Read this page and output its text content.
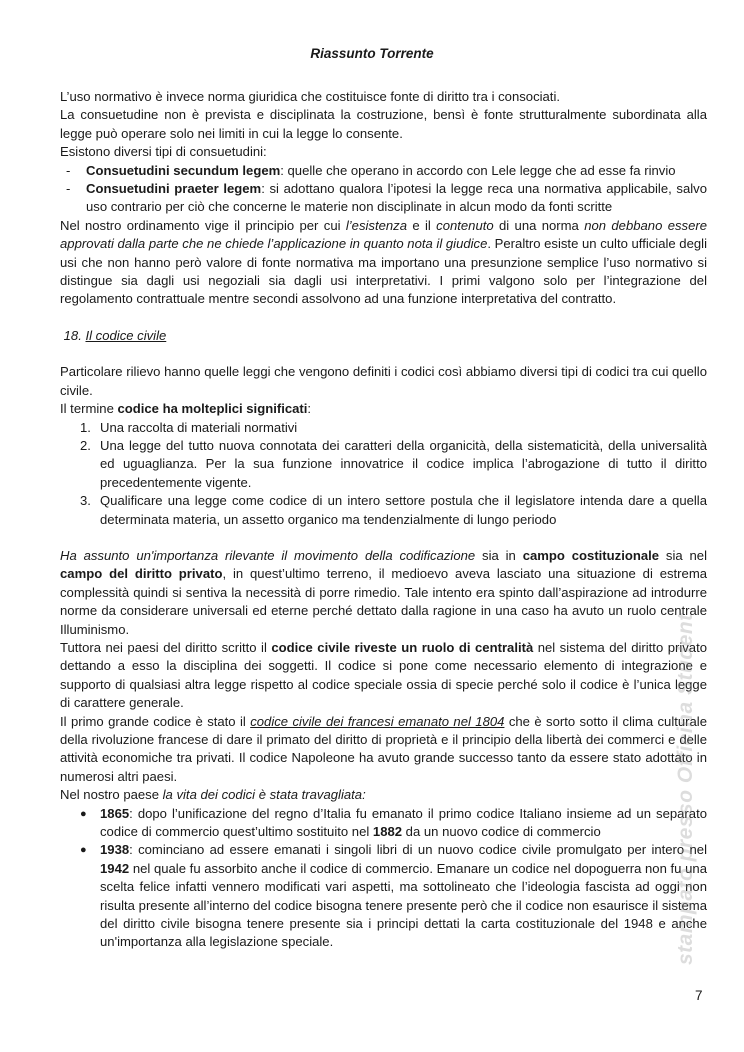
Riassunto Torrente

L’uso normativo è invece norma giuridica che costituisce fonte di diritto tra i consociati.

La consuetudine non è prevista e disciplinata la costruzione, bensì è fonte strutturalmente subordinata alla legge può operare solo nei limiti in cui la legge lo consente.

Esistono diversi tipi di consuetudini:

-
Consuetudini secundum legem: quelle che operano in accordo con Lele legge che ad esse fa rinvio
-
Consuetudini praeter legem: si adottano qualora l’ipotesi la legge reca una normativa applicabile, salvo uso contrario per ciò che concerne le materie non disciplinate in alcun modo da fonti scritte

Nel nostro ordinamento vige il principio per cui l’esistenza e il contenuto di una norma non debbano essere approvati dalla parte che ne chiede l’applicazione in quanto nota il giudice. Peraltro esiste un culto ufficiale degli usi che non hanno però valore di fonte normativa ma importano una presunzione semplice l’uso normativo si distingue sia dagli usi negoziali sia dagli usi interpretativi. I primi valgono solo per l’integrazione del regolamento contrattuale mentre secondi assolvono ad una funzione interpretativa del contratto.

18. Il codice civile

Particolare rilievo hanno quelle leggi che vengono definiti i codici così abbiamo diversi tipi di codici tra cui quello civile.

Il termine codice ha molteplici significati:

1. Una raccolta di materiali normativi
2. Una legge del tutto nuova connotata dei caratteri della organicità, della sistematicità, della universalità ed uguaglianza. Per la sua funzione innovatrice il codice implica l’abrogazione di tutto il diritto precedentemente vigente.
3. Qualificare una legge come codice di un intero settore postula che il legislatore intenda dare a quella determinata materia, un assetto organico ma tendenzialmente di lungo periodo

Ha assunto un'importanza rilevante il movimento della codificazione sia in campo costituzionale sia nel campo del diritto privato, in quest’ultimo terreno, il medioevo aveva lasciato una situazione di estrema complessità quindi si sentiva la necessità di porre rimedio. Tale intento era spinto dall’aspirazione ad introdurre norme da considerare universali ed eterne perché dettato dalla ragione in una caso ha avuto un ruolo centrale Illuminismo.

Tuttora nei paesi del diritto scritto il codice civile riveste un ruolo di centralità nel sistema del diritto privato dettando a esso la disciplina dei soggetti. Il codice si pone come necessario elemento di integrazione e supporto di qualsiasi altra legge rispetto al codice speciale ossia di specie perché solo il codice è l’unica legge di carattere generale.

Il primo grande codice è stato il codice civile dei francesi emanato nel 1804 che è sorto sotto il clima culturale della rivoluzione francese di dare il primato del diritto di proprietà e il principio della libertà dei commerci e delle attività economiche tra privati. Il codice Napoleone ha avuto grande successo tanto da essere stato adottato in numerosi altri paesi.

Nel nostro paese la vita dei codici è stata travagliata:

●
1865: dopo l’unificazione del regno d’Italia fu emanato il primo codice Italiano insieme ad un separato codice di commercio quest’ultimo sostituito nel 1882 da un nuovo codice di commercio
●
1938: cominciano ad essere emanati i singoli libri di un nuovo codice civile promulgato per intero nel 1942 nel quale fu assorbito anche il codice di commercio. Emanare un codice nel dopoguerra non fu una scelta felice infatti vennero modificati vari aspetti, ma sottolineato che l’ideologia fascista ad oggi non risulta presente all’interno del codice bisogna tenere presente però che il codice non esaurisce il sistema del diritto civile bisogna tenere presente sia i principi dettati la carta costituzionale del 1948 e anche un'importanza alla legislazione speciale.	stampato presso Officina Student
7
